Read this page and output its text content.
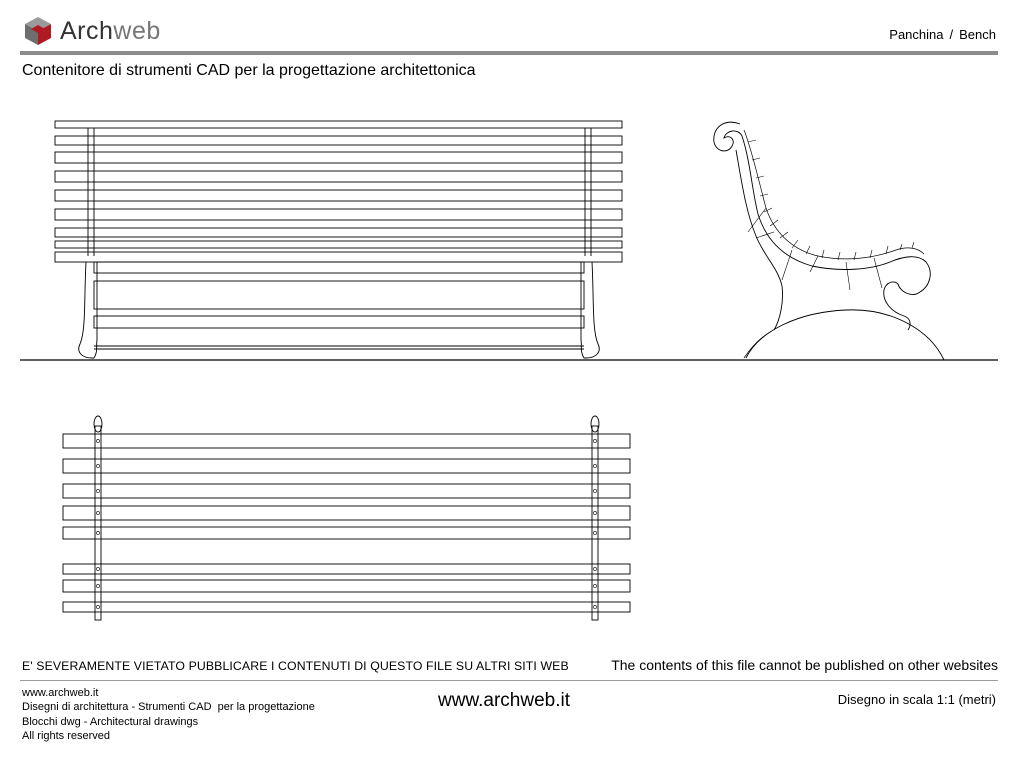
Archweb	Panchina / Bench
Contenitore di strumenti CAD per la progettazione architettonica
E' SEVERAMENTE VIETATO PUBBLICARE I CONTENUTI DI QUESTO FILE SU ALTRI SITI WEB	The contents of this file cannot be published on other websites
www.archweb.it
Disegni di architettura - Strumenti CAD  per la progettazione
Blocchi dwg - Architectural drawings
All rights reserved
www.archweb.it	Disegno in scala 1:1 (metri)
